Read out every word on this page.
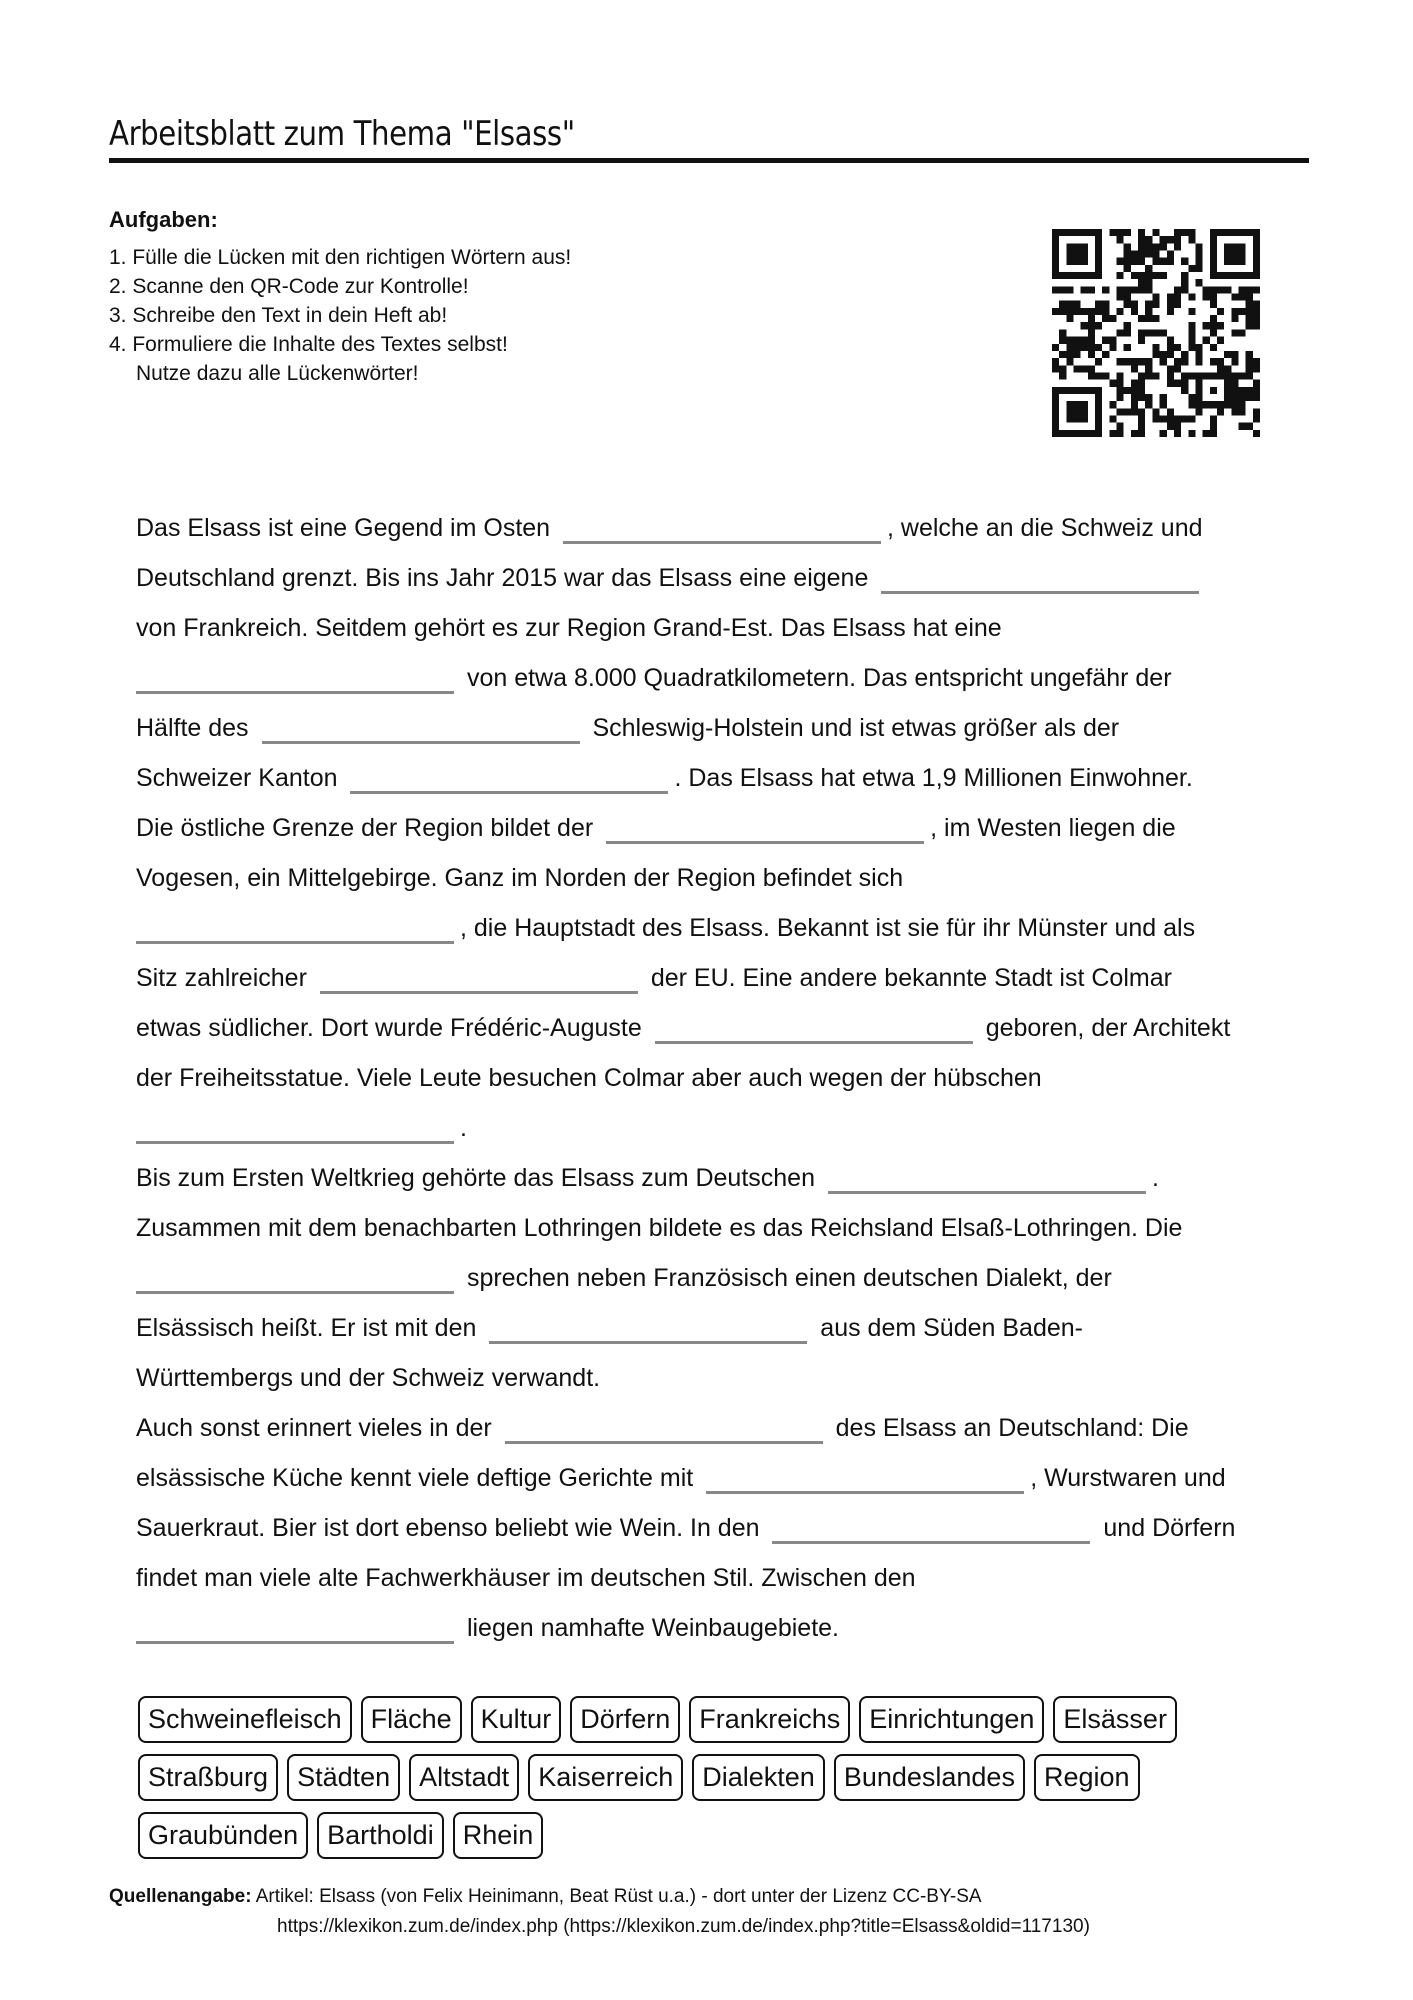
Arbeitsblatt zum Thema "Elsass"
Aufgaben:
1. Fülle die Lücken mit den richtigen Wörtern aus!
2. Scanne den QR-Code zur Kontrolle!
3. Schreibe den Text in dein Heft ab!
4. Formuliere die Inhalte des Textes selbst!
Nutze dazu alle Lückenwörter!
Das Elsass ist eine Gegend im Osten	, welche an die Schweiz und
Deutschland grenzt. Bis ins Jahr 2015 war das Elsass eine eigene
von Frankreich. Seitdem gehört es zur Region Grand-Est. Das Elsass hat eine
von etwa 8.000 Quadratkilometern. Das entspricht ungefähr der
Hälfte des	Schleswig-Holstein und ist etwas größer als der
Schweizer Kanton	. Das Elsass hat etwa 1,9 Millionen Einwohner.
Die östliche Grenze der Region bildet der	, im Westen liegen die
Vogesen, ein Mittelgebirge. Ganz im Norden der Region befindet sich
, die Hauptstadt des Elsass. Bekannt ist sie für ihr Münster und als
Sitz zahlreicher	der EU. Eine andere bekannte Stadt ist Colmar
etwas südlicher. Dort wurde Frédéric-Auguste	geboren, der Architekt
der Freiheitsstatue. Viele Leute besuchen Colmar aber auch wegen der hübschen
.
Bis zum Ersten Weltkrieg gehörte das Elsass zum Deutschen	.
Zusammen mit dem benachbarten Lothringen bildete es das Reichsland Elsaß-Lothringen. Die
sprechen neben Französisch einen deutschen Dialekt, der
Elsässisch heißt. Er ist mit den	aus dem Süden Baden-
Württembergs und der Schweiz verwandt.
Auch sonst erinnert vieles in der	des Elsass an Deutschland: Die
elsässische Küche kennt viele deftige Gerichte mit	, Wurstwaren und
Sauerkraut. Bier ist dort ebenso beliebt wie Wein. In den	und Dörfern
findet man viele alte Fachwerkhäuser im deutschen Stil. Zwischen den
liegen namhafte Weinbaugebiete.
Schweinefleisch	Fläche	Kultur	Dörfern	Frankreichs	Einrichtungen	Elsässer
Straßburg	Städten	Altstadt	Kaiserreich	Dialekten	Bundeslandes	Region
Graubünden	Bartholdi	Rhein
Quellenangabe: Artikel: Elsass (von Felix Heinimann, Beat Rüst u.a.) - dort unter der Lizenz CC-BY-SA
https://klexikon.zum.de/index.php (https://klexikon.zum.de/index.php?title=Elsass&oldid=117130)
